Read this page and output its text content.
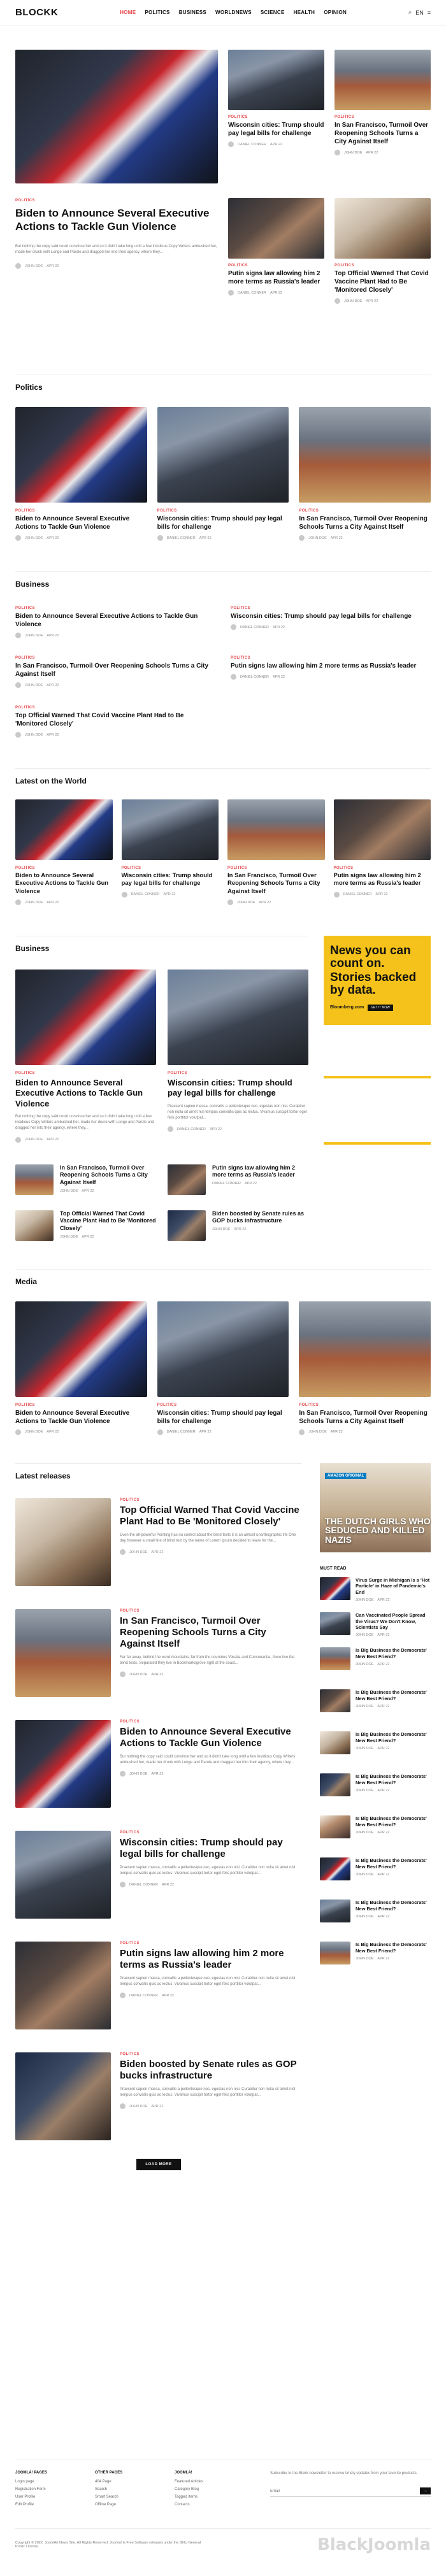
BLOCKK	HOME POLITICS BUSINESS WORLDNEWS SCIENCE HEALTH OPINION	⌕ EN ≡
POLITICS
Biden to Announce Several Executive Actions to Tackle Gun Violence

But nothing the copy said could convince her and so it didn't take long until a few insidious Copy Writers ambushed her, made her drunk with Longe and Parole and dragged her into their agency, where they...

JOHN DOE APR 22
POLITICS
Wisconsin cities: Trump should pay legal bills for challenge
DANIEL CONNER APR 22
POLITICS
In San Francisco, Turmoil Over Reopening Schools Turns a City Against Itself
JOHN DOE APR 22
POLITICS
Putin signs law allowing him 2 more terms as Russia's leader
DANIEL CONNER APR 22
POLITICS
Top Official Warned That Covid Vaccine Plant Had to Be 'Monitored Closely'
JOHN DOE APR 22
Politics
POLITICS
Biden to Announce Several Executive Actions to Tackle Gun Violence
JOHN DOE APR 22
POLITICS
Wisconsin cities: Trump should pay legal bills for challenge
DANIEL CONNER APR 22
POLITICS
In San Francisco, Turmoil Over Reopening Schools Turns a City Against Itself
JOHN DOE APR 22
Business
POLITICS
Biden to Announce Several Executive Actions to Tackle Gun Violence
JOHN DOE APR 22
POLITICS
Wisconsin cities: Trump should pay legal bills for challenge
DANIEL CONNER APR 22
POLITICS
In San Francisco, Turmoil Over Reopening Schools Turns a City Against Itself
JOHN DOE APR 22
POLITICS
Putin signs law allowing him 2 more terms as Russia's leader
DANIEL CONNER APR 22
POLITICS
Top Official Warned That Covid Vaccine Plant Had to Be 'Monitored Closely'
JOHN DOE APR 22
Latest on the World
POLITICS
Biden to Announce Several Executive Actions to Tackle Gun Violence
JOHN DOE APR 22
POLITICS
Wisconsin cities: Trump should pay legal bills for challenge
DANIEL CONNER APR 22
POLITICS
In San Francisco, Turmoil Over Reopening Schools Turns a City Against Itself
JOHN DOE APR 22
POLITICS
Putin signs law allowing him 2 more terms as Russia's leader
DANIEL CONNER APR 22
Business
POLITICS
Biden to Announce Several Executive Actions to Tackle Gun Violence

But nothing the copy said could convince her and so it didn't take long until a few insidious Copy Writers ambushed her, made her drunk with Longe and Parole and dragged her into their agency, where they...

JOHN DOE APR 22
POLITICS
Wisconsin cities: Trump should pay legal bills for challenge

Praesent sapien massa, convallis a pellentesque nec, egestas non nisi. Curabitur non nulla sit amet nisl tempus convallis quis ac lectus. Vivamus suscipit tortor eget felis porttitor volutpat...

DANIEL CONNER APR 22
In San Francisco, Turmoil Over Reopening Schools Turns a City Against Itself
JOHN DOE APR 22
Putin signs law allowing him 2 more terms as Russia's leader
DANIEL CONNER APR 22
Top Official Warned That Covid Vaccine Plant Had to Be 'Monitored Closely'
JOHN DOE APR 22
Biden boosted by Senate rules as GOP bucks infrastructure
JOHN DOE APR 22
News you can count on.
Stories backed by data.
Bloomberg.com	GET IT NOW
Media
POLITICS
Biden to Announce Several Executive Actions to Tackle Gun Violence
JOHN DOE APR 22
POLITICS
Wisconsin cities: Trump should pay legal bills for challenge
DANIEL CONNER APR 22
POLITICS
In San Francisco, Turmoil Over Reopening Schools Turns a City Against Itself
JOHN DOE APR 22
Latest releases
POLITICS
Top Official Warned That Covid Vaccine Plant Had to Be 'Monitored Closely'

Even the all-powerful Pointing has no control about the blind texts it is an almost unorthographic life One day however a small line of blind text by the name of Lorem Ipsum decided to leave for the...

JOHN DOE APR 22
POLITICS
In San Francisco, Turmoil Over Reopening Schools Turns a City Against Itself

Far far away, behind the word mountains, far from the countries Vokalia and Consonantia, there live the blind texts. Separated they live in Bookmarksgrove right at the coast...

JOHN DOE APR 22
POLITICS
Biden to Announce Several Executive Actions to Tackle Gun Violence

But nothing the copy said could convince her and so it didn't take long until a few insidious Copy Writers ambushed her, made her drunk with Longe and Parole and dragged her into their agency, where they...

JOHN DOE APR 22
POLITICS
Wisconsin cities: Trump should pay legal bills for challenge

Praesent sapien massa, convallis a pellentesque nec, egestas non nisi. Curabitur non nulla sit amet nisl tempus convallis quis ac lectus. Vivamus suscipit tortor eget felis porttitor volutpat...

DANIEL CONNER APR 22
POLITICS
Putin signs law allowing him 2 more terms as Russia's leader

Praesent sapien massa, convallis a pellentesque nec, egestas non nisi. Curabitur non nulla sit amet nisl tempus convallis quis ac lectus. Vivamus suscipit tortor eget felis porttitor volutpat...

DANIEL CONNER APR 22
POLITICS
Biden boosted by Senate rules as GOP bucks infrastructure

Praesent sapien massa, convallis a pellentesque nec, egestas non nisi. Curabitur non nulla sit amet nisl tempus convallis quis ac lectus. Vivamus suscipit tortor eget felis porttitor volutpat...

JOHN DOE APR 22
LOAD MORE
AMAZON ORIGINAL
THE DUTCH GIRLS WHO SEDUCED AND KILLED NAZIS
MUST READ
Virus Surge in Michigan Is a 'Hot Particle' in Haze of Pandemic's End
JOHN DOE APR 22
Can Vaccinated People Spread the Virus? We Don't Know, Scientists Say
JOHN DOE APR 22
Is Big Business the Democrats' New Best Friend?
JOHN DOE APR 22
Is Big Business the Democrats' New Best Friend?
JOHN DOE APR 22
Is Big Business the Democrats' New Best Friend?
JOHN DOE APR 22
Is Big Business the Democrats' New Best Friend?
JOHN DOE APR 22
Is Big Business the Democrats' New Best Friend?
JOHN DOE APR 22
Is Big Business the Democrats' New Best Friend?
JOHN DOE APR 22
Is Big Business the Democrats' New Best Friend?
JOHN DOE APR 22
Is Big Business the Democrats' New Best Friend?
JOHN DOE APR 22
JOOMLA! PAGES
Login page
Registration Form
User Profile
Edit Profile
OTHER PAGES
404 Page
Search
Smart Search
Offline Page
JOOMLA!
Featured Articles
Category Blog
Tagged Items
Contacts

Subscribe to the Blokk newsletter to receive timely updates from your favorite products.

Email
→
Copyright © 2022. JoomlArt News Site. All Rights Reserved. Joomla! is Free Software released under the GNU General Public License.	BlackJoomla
